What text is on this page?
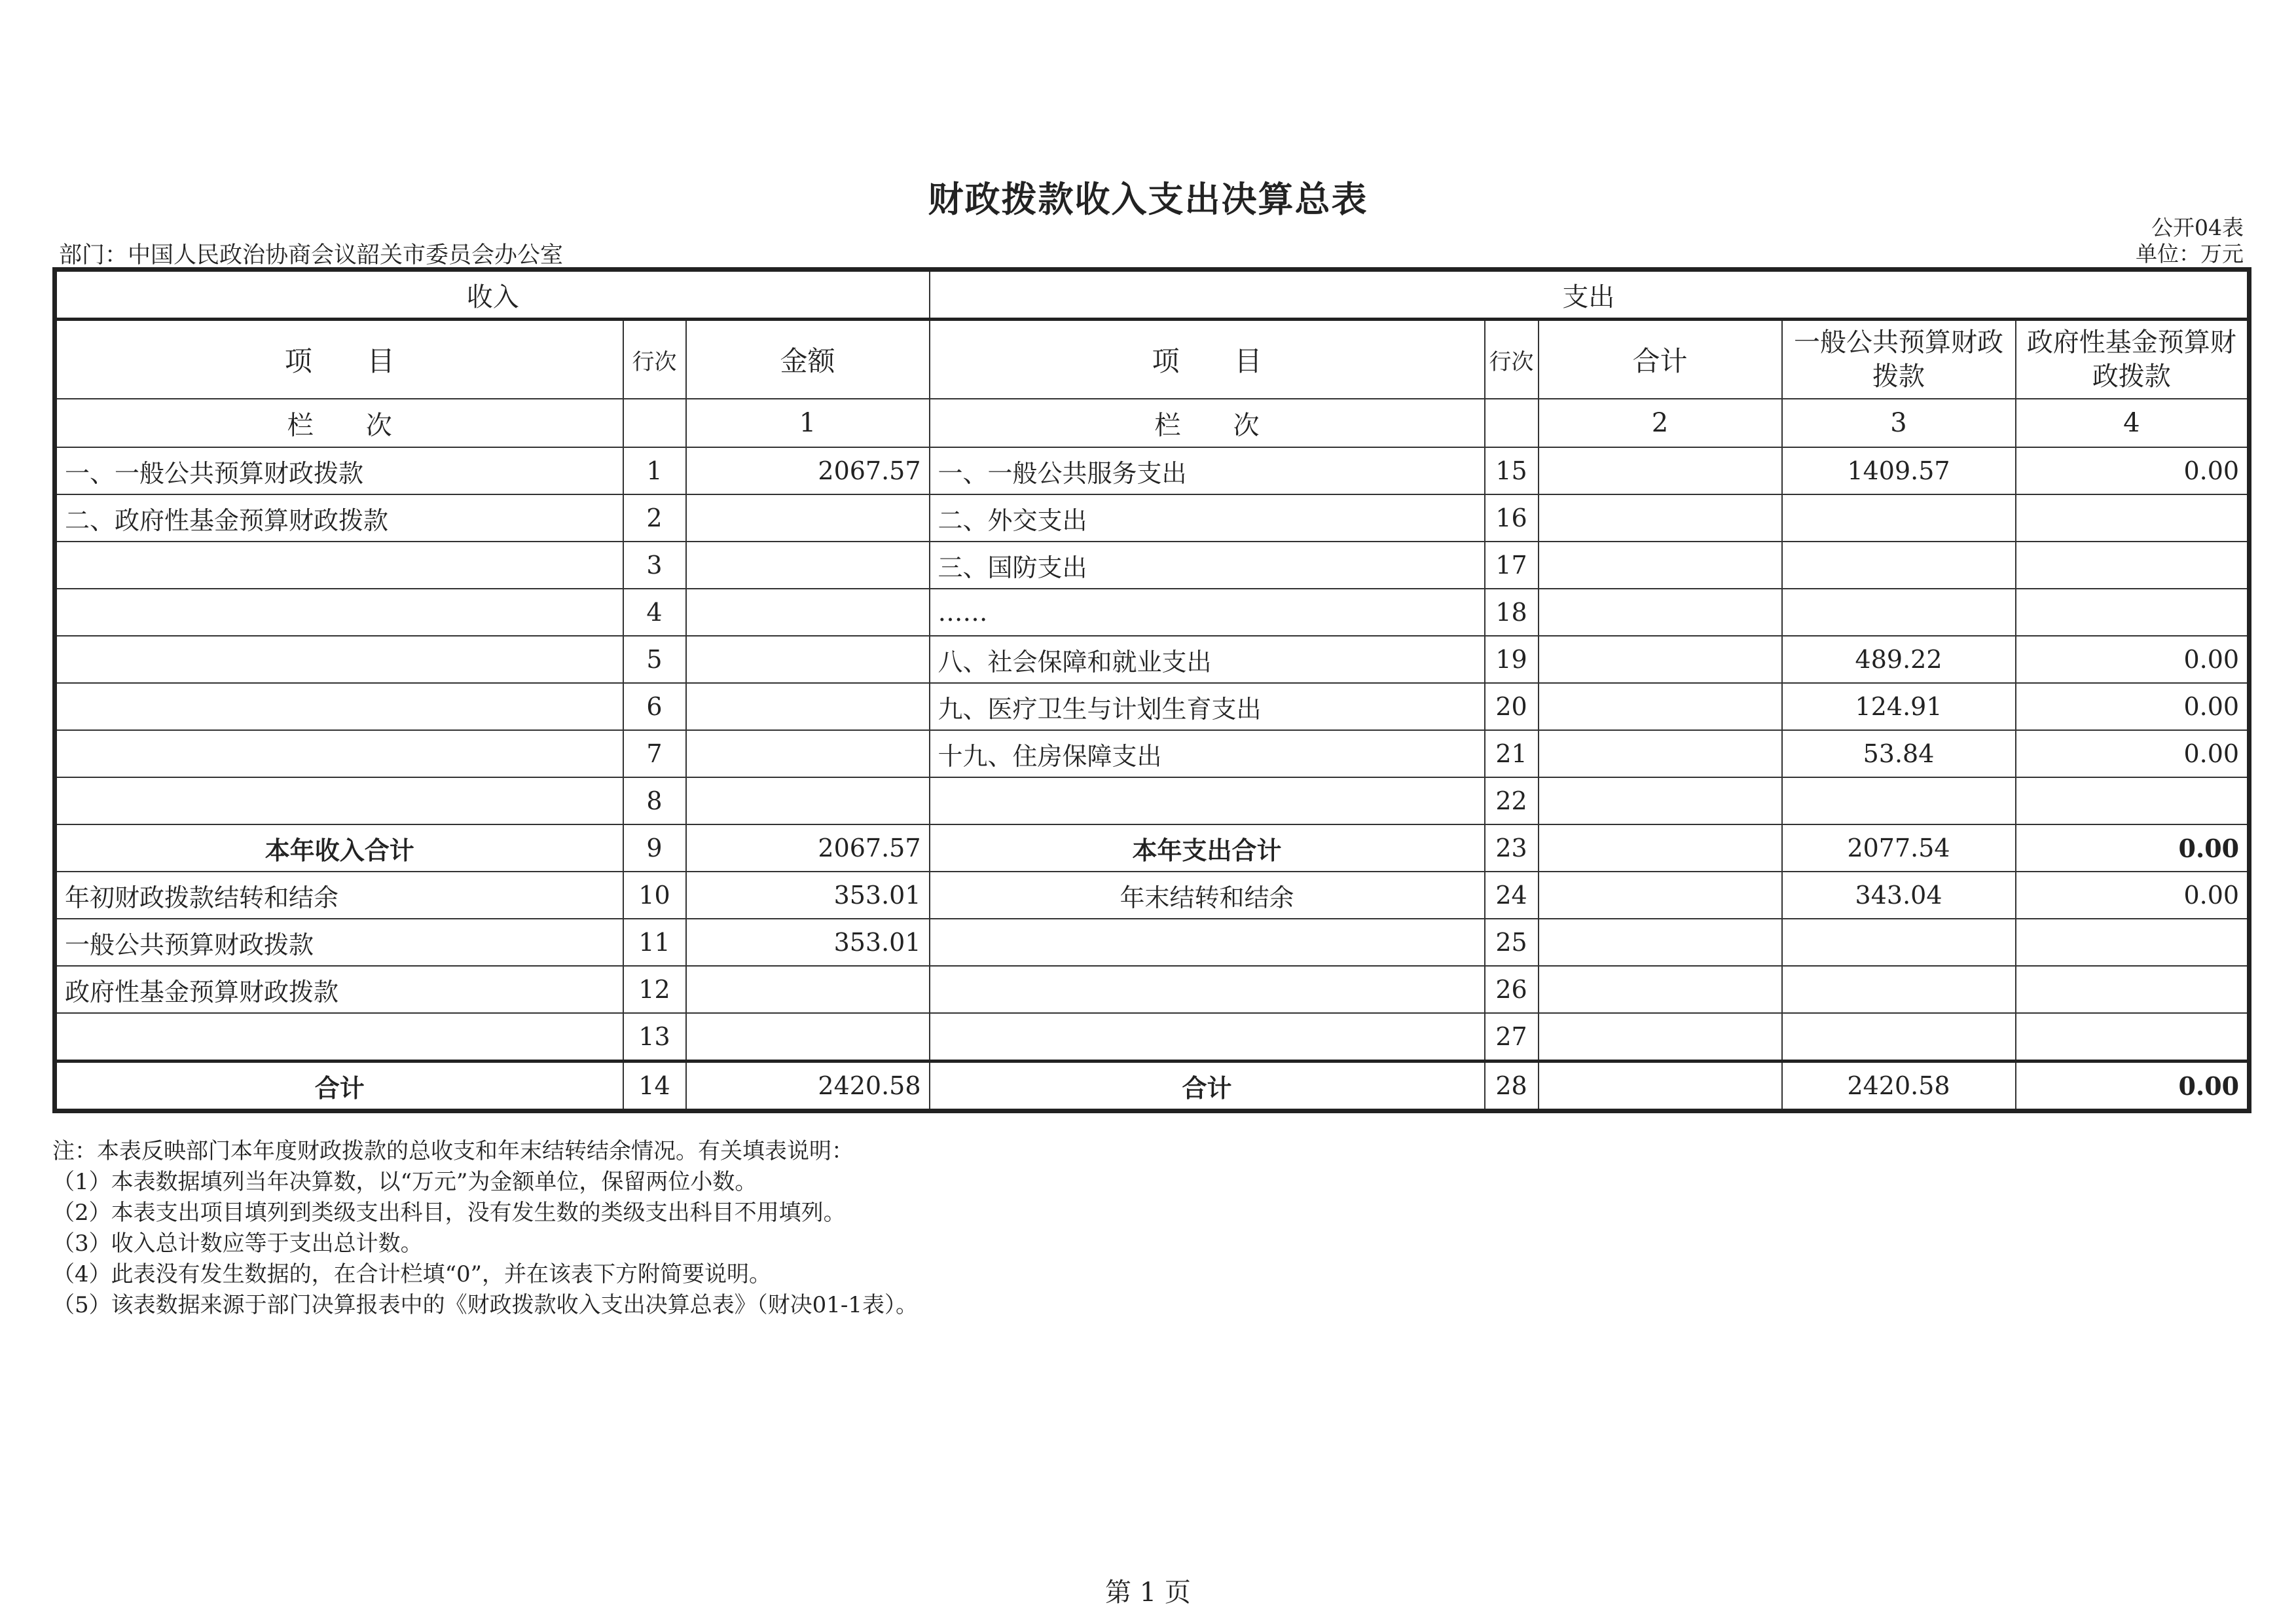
财政拨款收入支出决算总表
公开04表
部门：中国人民政治协商会议韶关市委员会办公室	单位：万元
收入			支出				
项　　目	行次	金额	项　　目	行次	合计	一般公共预算财政拨款	政府性基金预算财政拨款
栏　　次		1	栏　　次		2	3	4
一、一般公共预算财政拨款	1	2067.57	一、一般公共服务支出	15		1409.57	0.00
二、政府性基金预算财政拨款	2		二、外交支出	16			
	3		三、国防支出	17			
	4		……	18			
	5		八、社会保障和就业支出	19		489.22	0.00
	6		九、医疗卫生与计划生育支出	20		124.91	0.00
	7		十九、住房保障支出	21		53.84	0.00
	8			22			
本年收入合计	9	2067.57	本年支出合计	23		2077.54	0.00
年初财政拨款结转和结余	10	353.01	年末结转和结余	24		343.04	0.00
一般公共预算财政拨款	11	353.01		25			
政府性基金预算财政拨款	12			26			
	13			27			
合计	14	2420.58	合计	28		2420.58	0.00
注：本表反映部门本年度财政拨款的总收支和年末结转结余情况。有关填表说明：
（1）本表数据填列当年决算数，以“万元”为金额单位，保留两位小数。
（2）本表支出项目填列到类级支出科目，没有发生数的类级支出科目不用填列。
（3）收入总计数应等于支出总计数。
（4）此表没有发生数据的，在合计栏填“0”，并在该表下方附简要说明。
（5）该表数据来源于部门决算报表中的《财政拨款收入支出决算总表》（财决01-1表）。
第 1 页
